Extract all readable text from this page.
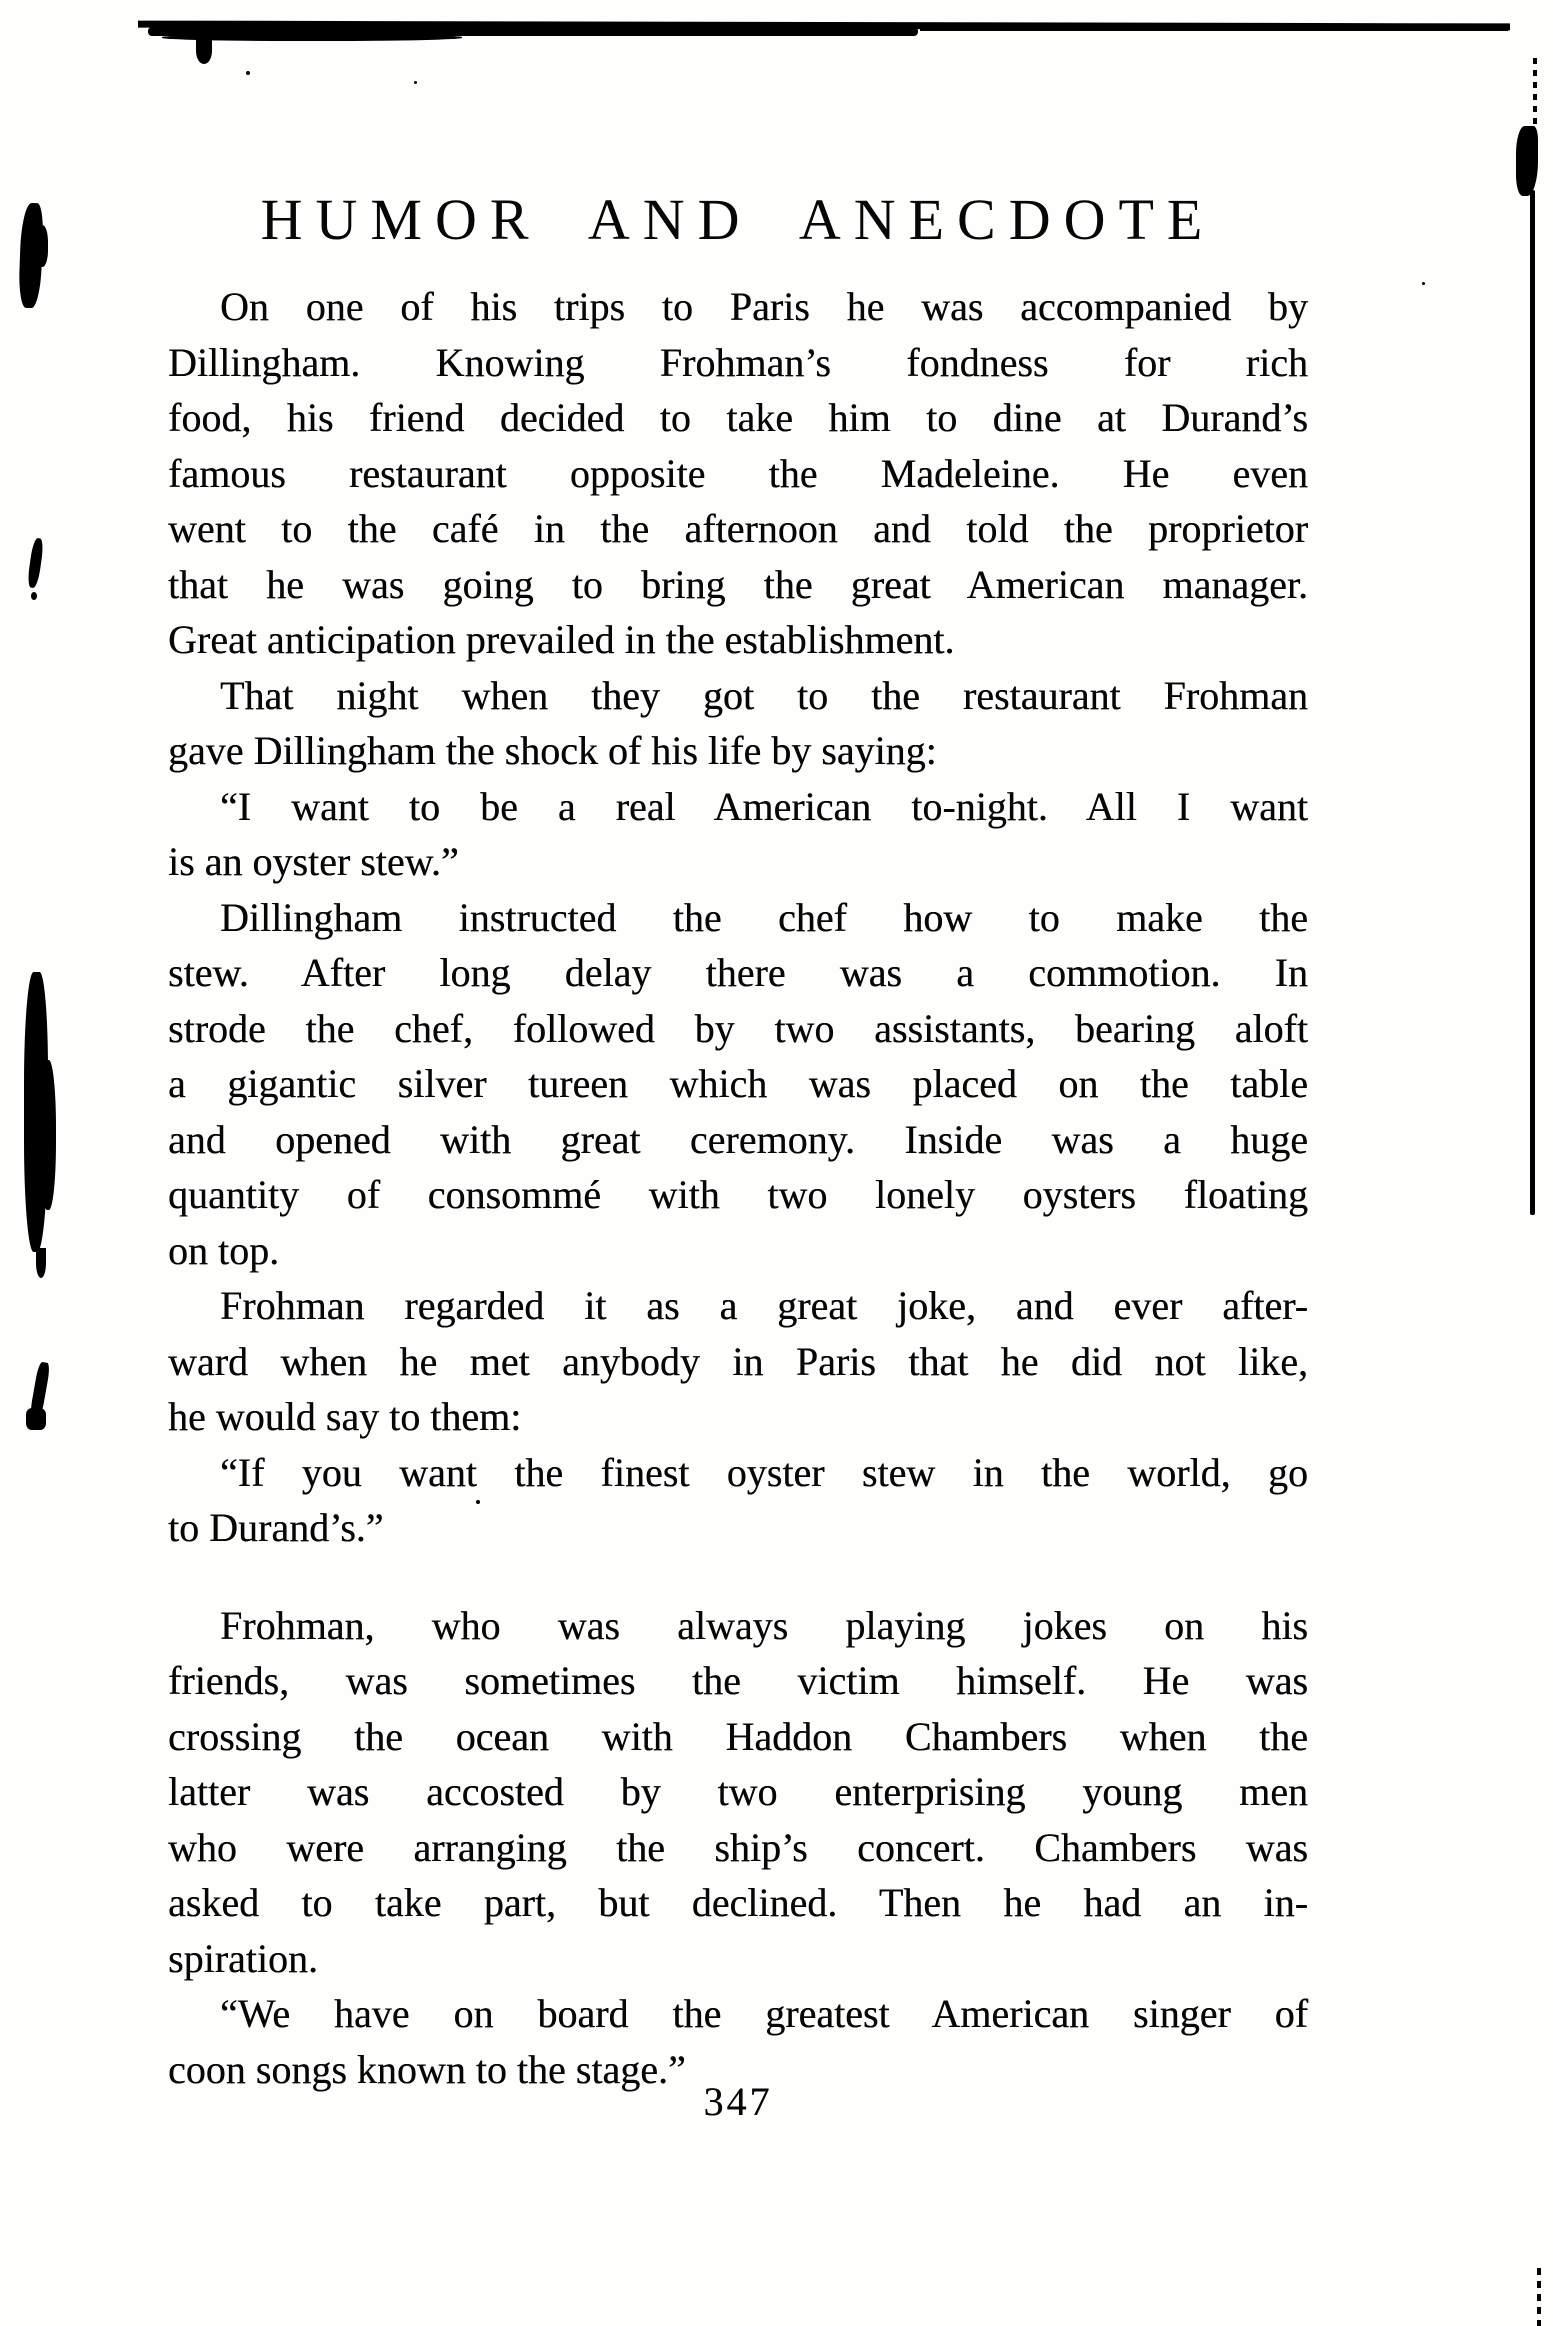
HUMOR AND ANECDOTE
On one of his trips to Paris he was accompanied by
Dillingham. Knowing Frohman’s fondness for rich
food, his friend decided to take him to dine at Durand’s
famous restaurant opposite the Madeleine. He even
went to the café in the afternoon and told the proprietor
that he was going to bring the great American manager.
Great anticipation prevailed in the establishment.
That night when they got to the restaurant Frohman
gave Dillingham the shock of his life by saying:
“I want to be a real American to-night. All I want
is an oyster stew.”
Dillingham instructed the chef how to make the
stew. After long delay there was a commotion. In
strode the chef, followed by two assistants, bearing aloft
a gigantic silver tureen which was placed on the table
and opened with great ceremony. Inside was a huge
quantity of consommé with two lonely oysters floating
on top.
Frohman regarded it as a great joke, and ever after-
ward when he met anybody in Paris that he did not like,
he would say to them:
“If you want the finest oyster stew in the world, go
to Durand’s.”
Frohman, who was always playing jokes on his
friends, was sometimes the victim himself. He was
crossing the ocean with Haddon Chambers when the
latter was accosted by two enterprising young men
who were arranging the ship’s concert. Chambers was
asked to take part, but declined. Then he had an in-
spiration.
“We have on board the greatest American singer of
coon songs known to the stage.”
347
